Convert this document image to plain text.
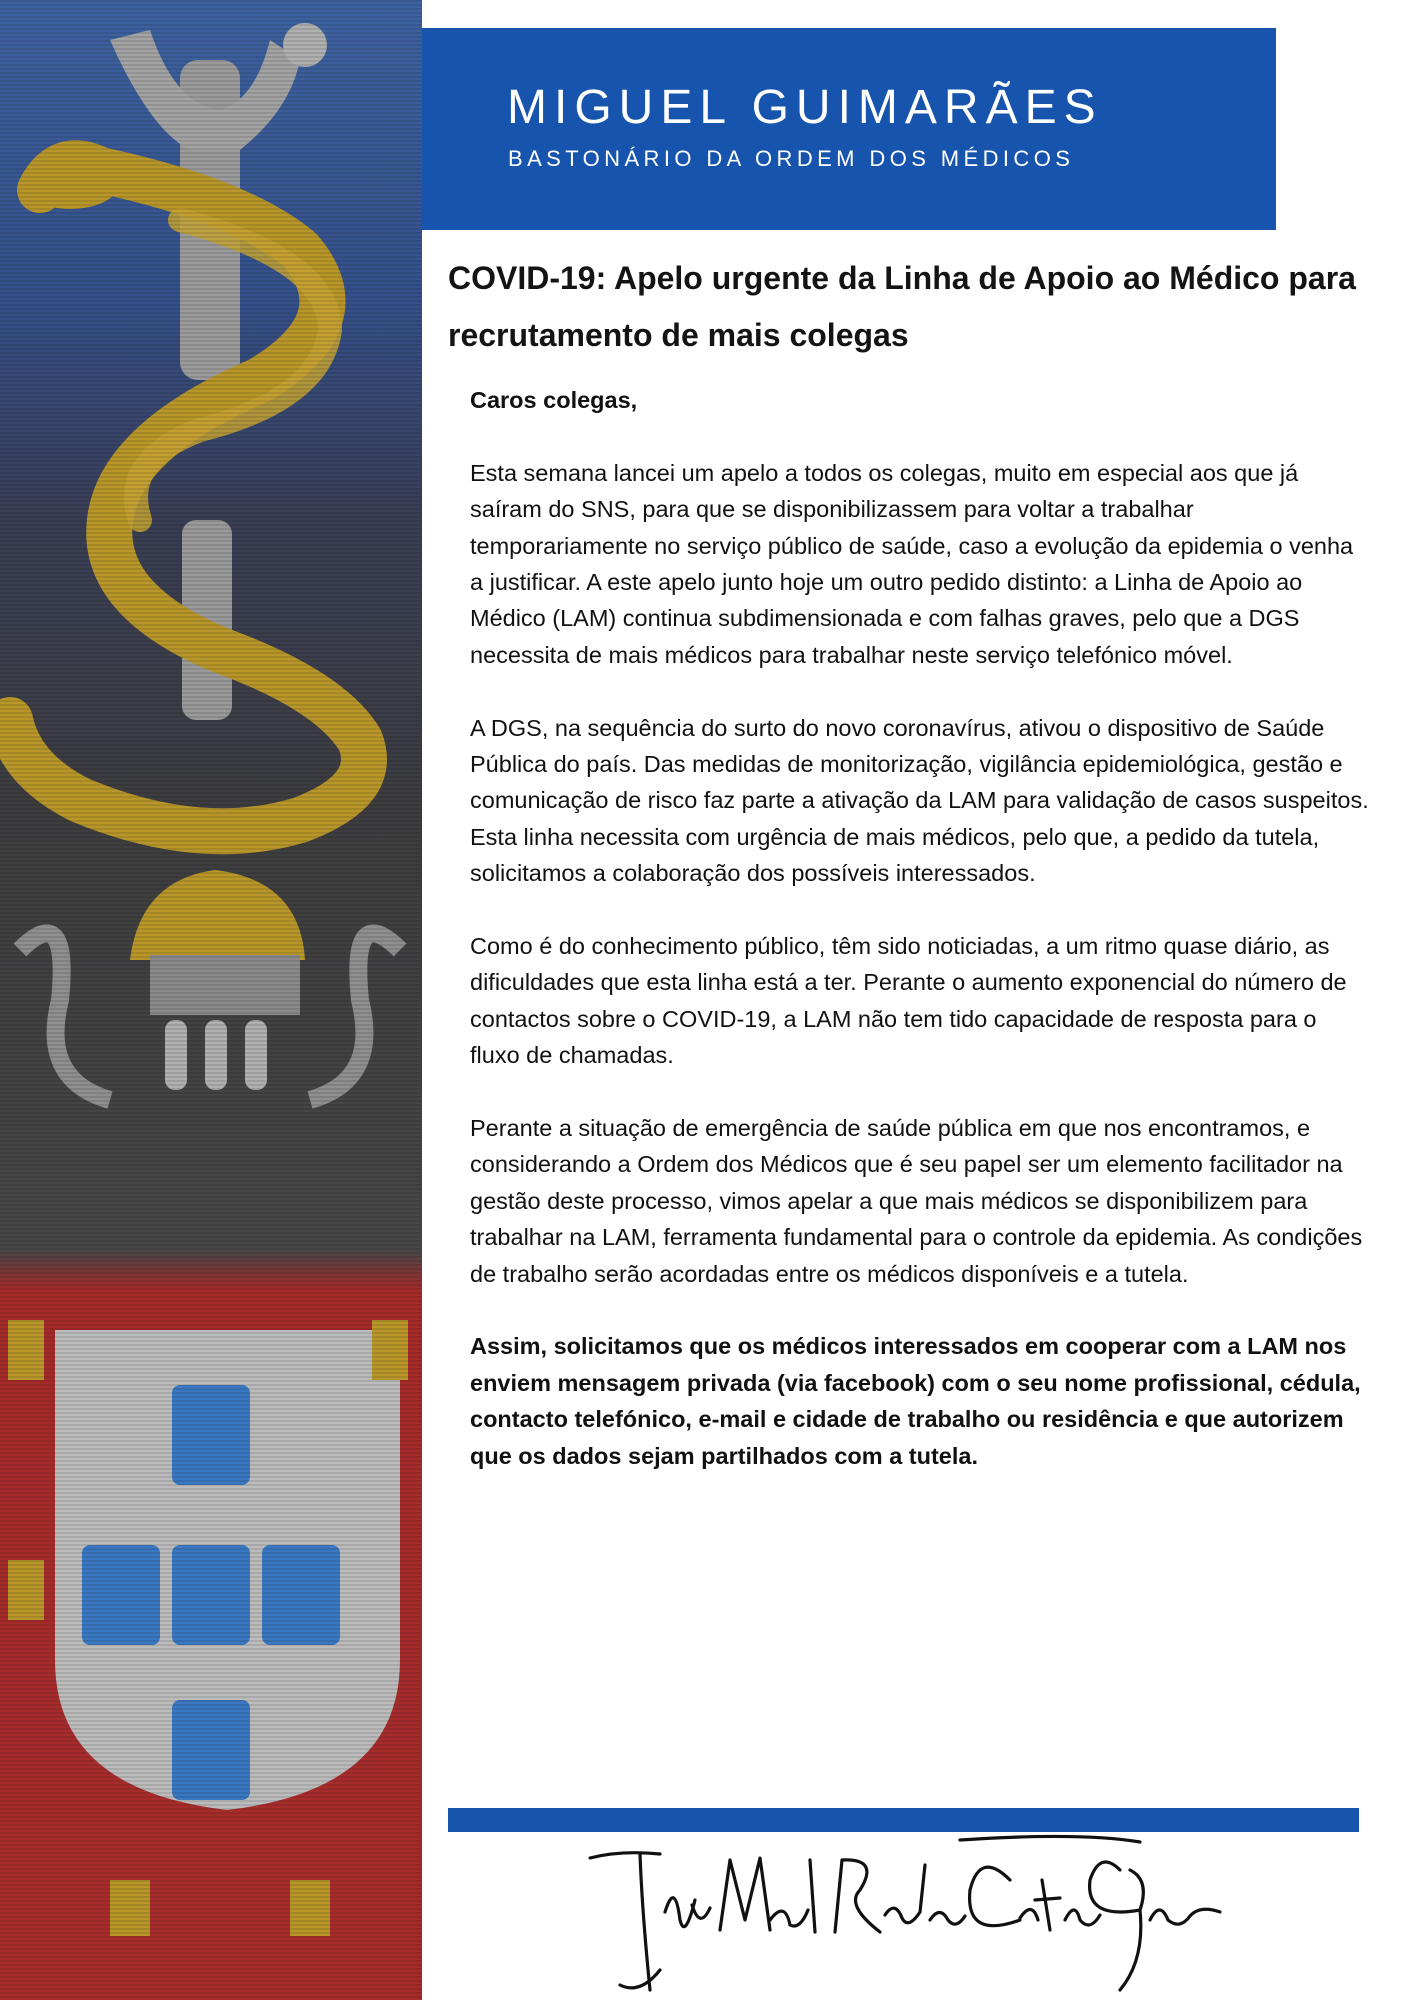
MIGUEL GUIMARÃES
BASTONÁRIO DA ORDEM DOS MÉDICOS
COVID-19: Apelo urgente da Linha de Apoio ao Médico para recrutamento de mais colegas

Caros colegas,

Esta semana lancei um apelo a todos os colegas, muito em especial aos que já saíram do SNS, para que se disponibilizassem para voltar a trabalhar temporariamente no serviço público de saúde, caso a evolução da epidemia o venha a justificar. A este apelo junto hoje um outro pedido distinto: a Linha de Apoio ao Médico (LAM) continua subdimensionada e com falhas graves, pelo que a DGS necessita de mais médicos para trabalhar neste serviço telefónico móvel.

A DGS, na sequência do surto do novo coronavírus, ativou o dispositivo de Saúde Pública do país. Das medidas de monitorização, vigilância epidemiológica, gestão e comunicação de risco faz parte a ativação da LAM para validação de casos suspeitos. Esta linha necessita com urgência de mais médicos, pelo que, a pedido da tutela, solicitamos a colaboração dos possíveis interessados.

Como é do conhecimento público, têm sido noticiadas, a um ritmo quase diário, as dificuldades que esta linha está a ter. Perante o aumento exponencial do número de contactos sobre o COVID-19, a LAM não tem tido capacidade de resposta para o fluxo de chamadas.

Perante a situação de emergência de saúde pública em que nos encontramos, e considerando a Ordem dos Médicos que é seu papel ser um elemento facilitador na gestão deste processo, vimos apelar a que mais médicos se disponibilizem para trabalhar na LAM, ferramenta fundamental para o controle da epidemia. As condições de trabalho serão acordadas entre os médicos disponíveis e a tutela.

Assim, solicitamos que os médicos interessados em cooperar com a LAM nos enviem mensagem privada (via facebook) com o seu nome profissional, cédula, contacto telefónico, e-mail e cidade de trabalho ou residência e que autorizem que os dados sejam partilhados com a tutela.
